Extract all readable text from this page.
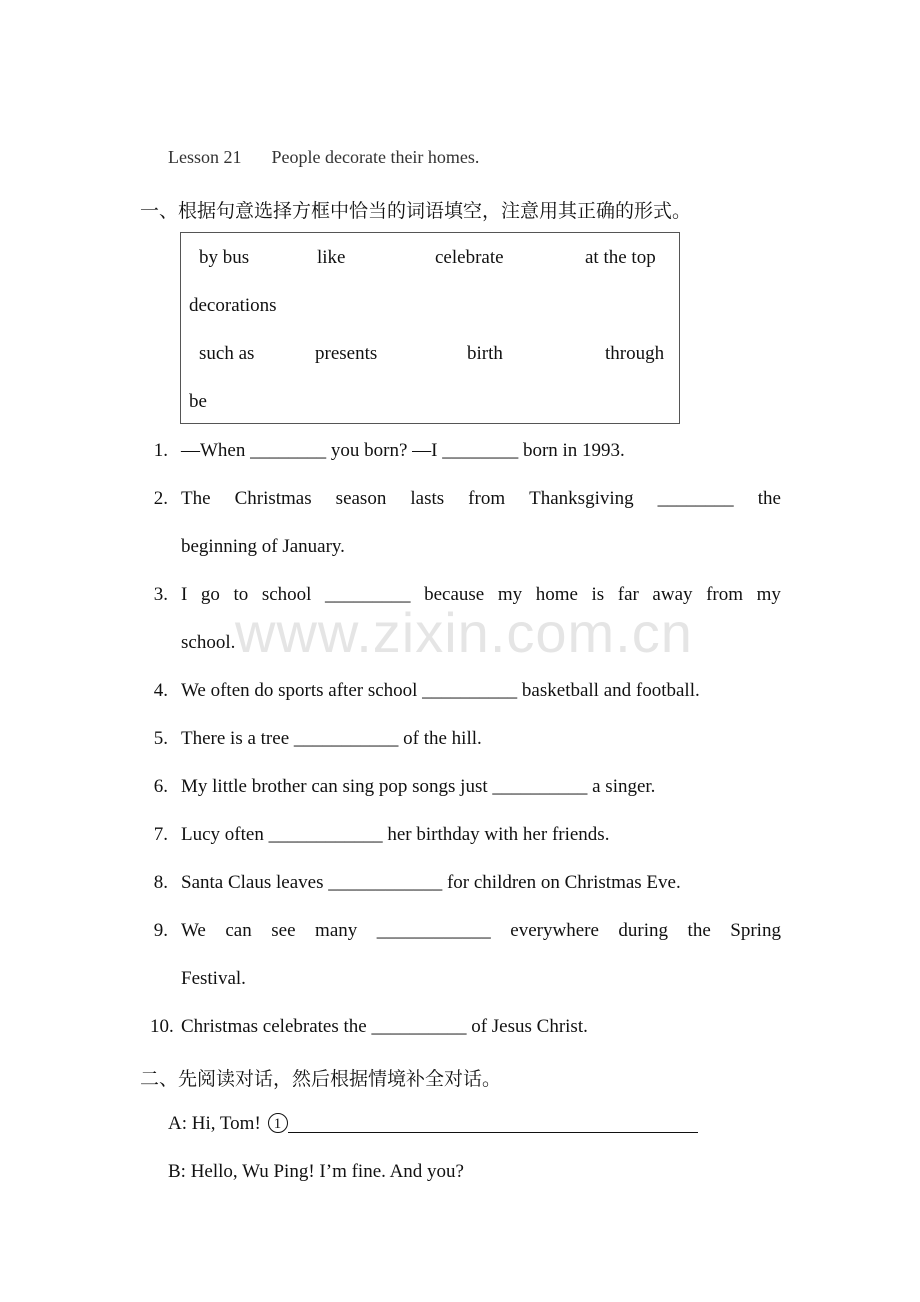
Lesson 21 People decorate their homes.
一、根据句意选择方框中恰当的词语填空，注意用其正确的形式。
by bus	like	celebrate	at the top
decorations
such as	presents	birth	through
be
1. —When ________ you born? —I ________ born in 1993.
2. The Christmas season lasts from Thanksgiving ________ the
beginning of January.
3. I go to school _________ because my home is far away from my
school.
4. We often do sports after school __________ basketball and football.
5. There is a tree ___________ of the hill.
6. My little brother can sing pop songs just __________ a singer.
7. Lucy often ____________ her birthday with her friends.
8. Santa Claus leaves ____________ for children on Christmas Eve.
9. We can see many ____________ everywhere during the Spring
Festival.
10. Christmas celebrates the __________ of Jesus Christ.
二、先阅读对话，然后根据情境补全对话。
A: Hi, Tom! 1
B: Hello, Wu Ping! I’m fine. And you?
www.zixin.com.cn
